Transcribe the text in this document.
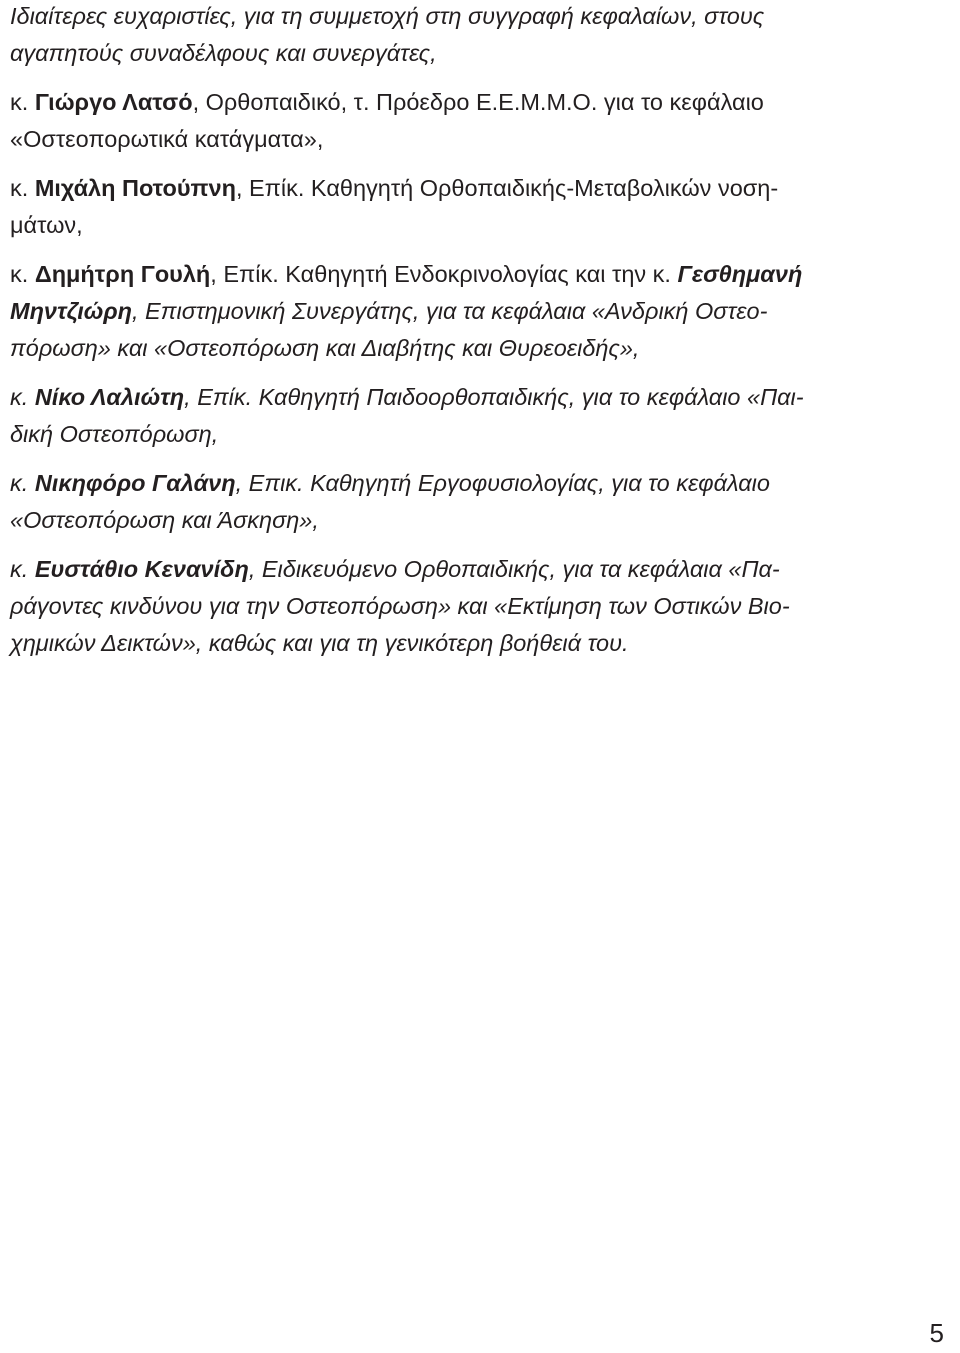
Ιδιαίτερες ευχαριστίες, για τη συμμετοχή στη συγγραφή κεφαλαίων, στους
αγαπητούς συναδέλφους και συνεργάτες,

κ. Γιώργο Λατσό, Ορθοπαιδικό, τ. Πρόεδρο Ε.Ε.Μ.Μ.Ο. για το κεφάλαιο
«Οστεοπορωτικά κατάγματα»,

κ. Μιχάλη Ποτούπνη, Επίκ. Καθηγητή Ορθοπαιδικής-Μεταβολικών νοση-
μάτων,

κ. Δημήτρη Γουλή, Επίκ. Καθηγητή Ενδοκρινολογίας και την κ. Γεσθημανή
Μηντζιώρη, Επιστημονική Συνεργάτης, για τα κεφάλαια «Ανδρική Οστεο-
πόρωση» και «Οστεοπόρωση και Διαβήτης και Θυρεοειδής»,

κ. Νίκο Λαλιώτη, Επίκ. Καθηγητή Παιδοορθοπαιδικής, για το κεφάλαιο «Παι-
δική Οστεοπόρωση,

κ. Νικηφόρο Γαλάνη, Επικ. Καθηγητή Εργοφυσιολογίας, για το κεφάλαιο
«Οστεοπόρωση και Άσκηση»,

κ. Ευστάθιο Κενανίδη, Ειδικευόμενο Ορθοπαιδικής, για τα κεφάλαια «Πα-
ράγοντες κινδύνου για την Οστεοπόρωση» και «Εκτίμηση των Οστικών Βιο-
χημικών Δεικτών», καθώς και για τη γενικότερη βοήθειά του.

5
